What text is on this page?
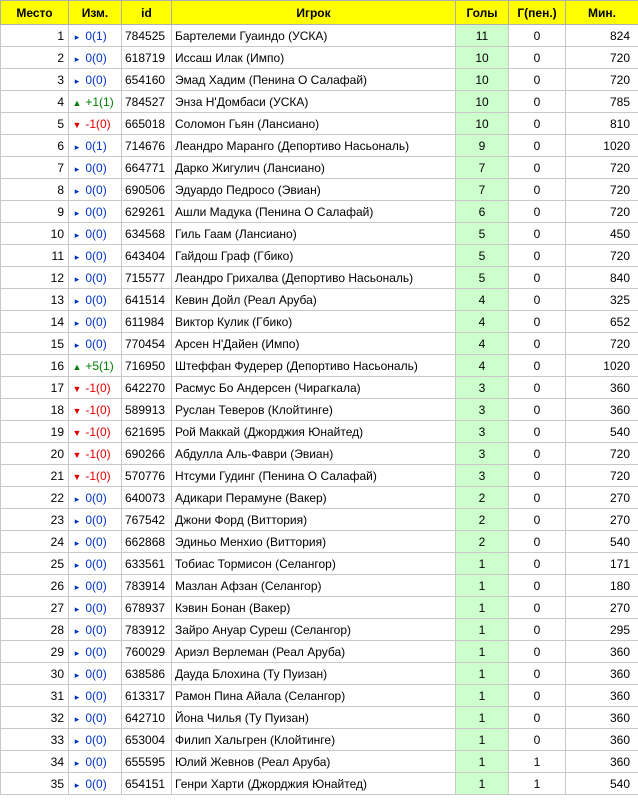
Место	Изм.	id	Игрок	Голы	Г(пен.)	Мин.
1	▸ 0(1)	784525	Бартелеми Гуаиндо (УСКА)	11	0	824
2	▸ 0(0)	618719	Иссаш Илак (Импо)	10	0	720
3	▸ 0(0)	654160	Эмад Хадим (Пенина О Салафай)	10	0	720
4	▲ +1(1)	784527	Энза Н'Домбаси (УСКА)	10	0	785
5	▼ -1(0)	665018	Соломон Гьян (Лансиано)	10	0	810
6	▸ 0(1)	714676	Леандро Маранго (Депортиво Насьональ)	9	0	1020
7	▸ 0(0)	664771	Дарко Жигулич (Лансиано)	7	0	720
8	▸ 0(0)	690506	Эдуардо Педросо (Эвиан)	7	0	720
9	▸ 0(0)	629261	Ашли Мадука (Пенина О Салафай)	6	0	720
10	▸ 0(0)	634568	Гиль Гаам (Лансиано)	5	0	450
11	▸ 0(0)	643404	Гайдош Граф (Гбико)	5	0	720
12	▸ 0(0)	715577	Леандро Грихалва (Депортиво Насьональ)	5	0	840
13	▸ 0(0)	641514	Кевин Дойл (Реал Аруба)	4	0	325
14	▸ 0(0)	611984	Виктор Кулик (Гбико)	4	0	652
15	▸ 0(0)	770454	Арсен Н'Дайен (Импо)	4	0	720
16	▲ +5(1)	716950	Штеффан Фудерер (Депортиво Насьональ)	4	0	1020
17	▼ -1(0)	642270	Расмус Бо Андерсен (Чирагкала)	3	0	360
18	▼ -1(0)	589913	Руслан Теверов (Клойтинге)	3	0	360
19	▼ -1(0)	621695	Рой Маккай (Джорджия Юнайтед)	3	0	540
20	▼ -1(0)	690266	Абдулла Аль-Фаври (Эвиан)	3	0	720
21	▼ -1(0)	570776	Нтсуми Гудинг (Пенина О Салафай)	3	0	720
22	▸ 0(0)	640073	Адикари Перамуне (Вакер)	2	0	270
23	▸ 0(0)	767542	Джони Форд (Виттория)	2	0	270
24	▸ 0(0)	662868	Эдиньо Менхио (Виттория)	2	0	540
25	▸ 0(0)	633561	Тобиас Тормисон (Селангор)	1	0	171
26	▸ 0(0)	783914	Мазлан Афзан (Селангор)	1	0	180
27	▸ 0(0)	678937	Кэвин Бонан (Вакер)	1	0	270
28	▸ 0(0)	783912	Зайро Ануар Суреш (Селангор)	1	0	295
29	▸ 0(0)	760029	Ариэл Верлеман (Реал Аруба)	1	0	360
30	▸ 0(0)	638586	Дауда Блохина (Ту Пуизан)	1	0	360
31	▸ 0(0)	613317	Рамон Пина Айала (Селангор)	1	0	360
32	▸ 0(0)	642710	Йона Чилья (Ту Пуизан)	1	0	360
33	▸ 0(0)	653004	Филип Хальгрен (Клойтинге)	1	0	360
34	▸ 0(0)	655595	Юлий Жевнов (Реал Аруба)	1	1	360
35	▸ 0(0)	654151	Генри Харти (Джорджия Юнайтед)	1	1	540
